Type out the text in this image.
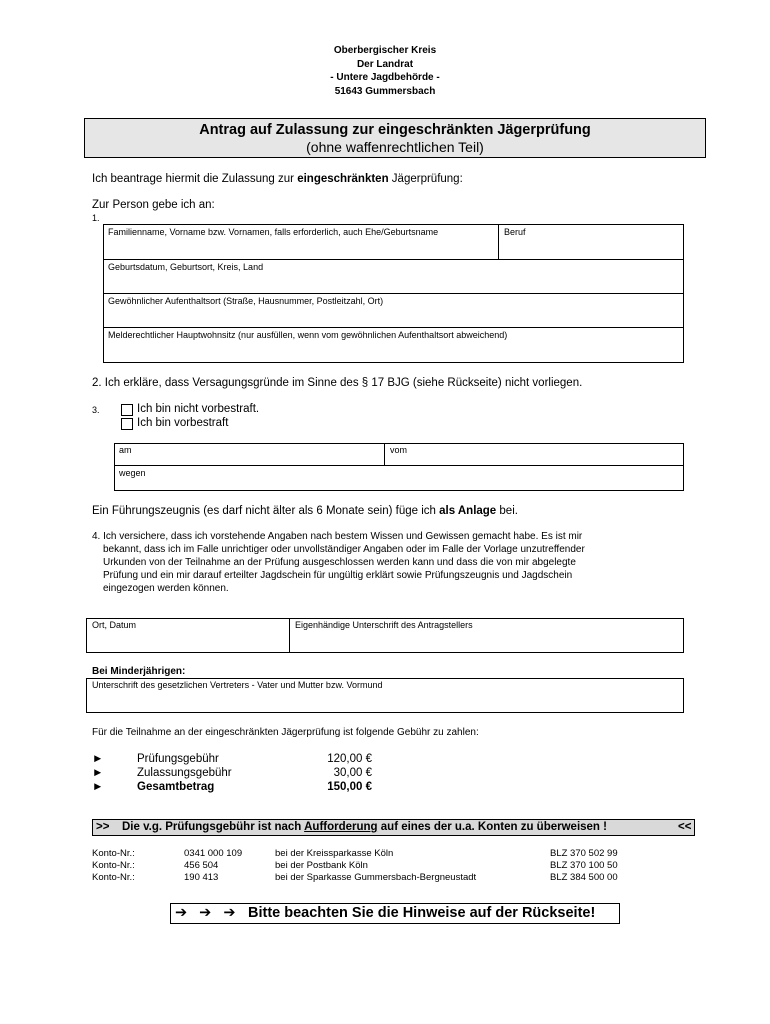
Oberbergischer Kreis
Der Landrat
- Untere Jagdbehörde -
51643 Gummersbach
Antrag auf Zulassung zur eingeschränkten Jägerprüfung
(ohne waffenrechtlichen Teil)
Ich beantrage hiermit die Zulassung zur eingeschränkten Jägerprüfung:
Zur Person gebe ich an:
1.
Familienname, Vorname bzw. Vornamen, falls erforderlich, auch Ehe/Geburtsname	Beruf
Geburtsdatum, Geburtsort, Kreis, Land
Gewöhnlicher Aufenthaltsort (Straße, Hausnummer, Postleitzahl, Ort)
Melderechtlicher Hauptwohnsitz (nur ausfüllen, wenn vom gewöhnlichen Aufenthaltsort abweichend)
2. Ich erkläre, dass Versagungsgründe im Sinne des § 17 BJG (siehe Rückseite) nicht vorliegen.
3.	Ich bin nicht vorbestraft.
Ich bin vorbestraft
am	vom
wegen
Ein Führungszeugnis (es darf nicht älter als 6 Monate sein) füge ich als Anlage bei.
4. Ich versichere, dass ich vorstehende Angaben nach bestem Wissen und Gewissen gemacht habe. Es ist mir
bekannt, dass ich im Falle unrichtiger oder unvollständiger Angaben oder im Falle der Vorlage unzutreffender
Urkunden von der Teilnahme an der Prüfung ausgeschlossen werden kann und dass die von mir abgelegte
Prüfung und ein mir darauf erteilter Jagdschein für ungültig erklärt sowie Prüfungszeugnis und Jagdschein
eingezogen werden können.
Ort, Datum	Eigenhändige Unterschrift des Antragstellers
Bei Minderjährigen:
Unterschrift des gesetzlichen Vertreters - Vater und Mutter bzw. Vormund
Für die Teilnahme an der eingeschränkten Jägerprüfung ist folgende Gebühr zu zahlen:
►	Prüfungsgebühr	120,00 €
►	Zulassungsgebühr	30,00 €
►	Gesamtbetrag	150,00 €
>> Die v.g. Prüfungsgebühr ist nach Aufforderung auf eines der u.a. Konten zu überweisen !	<<
Konto-Nr.:	0341 000 109	bei der Kreissparkasse Köln	BLZ 370 502 99
Konto-Nr.:	456 504	bei der Postbank Köln	BLZ 370 100 50
Konto-Nr.:	190 413	bei der Sparkasse Gummersbach-Bergneustadt	BLZ 384 500 00
➔ ➔ ➔ Bitte beachten Sie die Hinweise auf der Rückseite!
